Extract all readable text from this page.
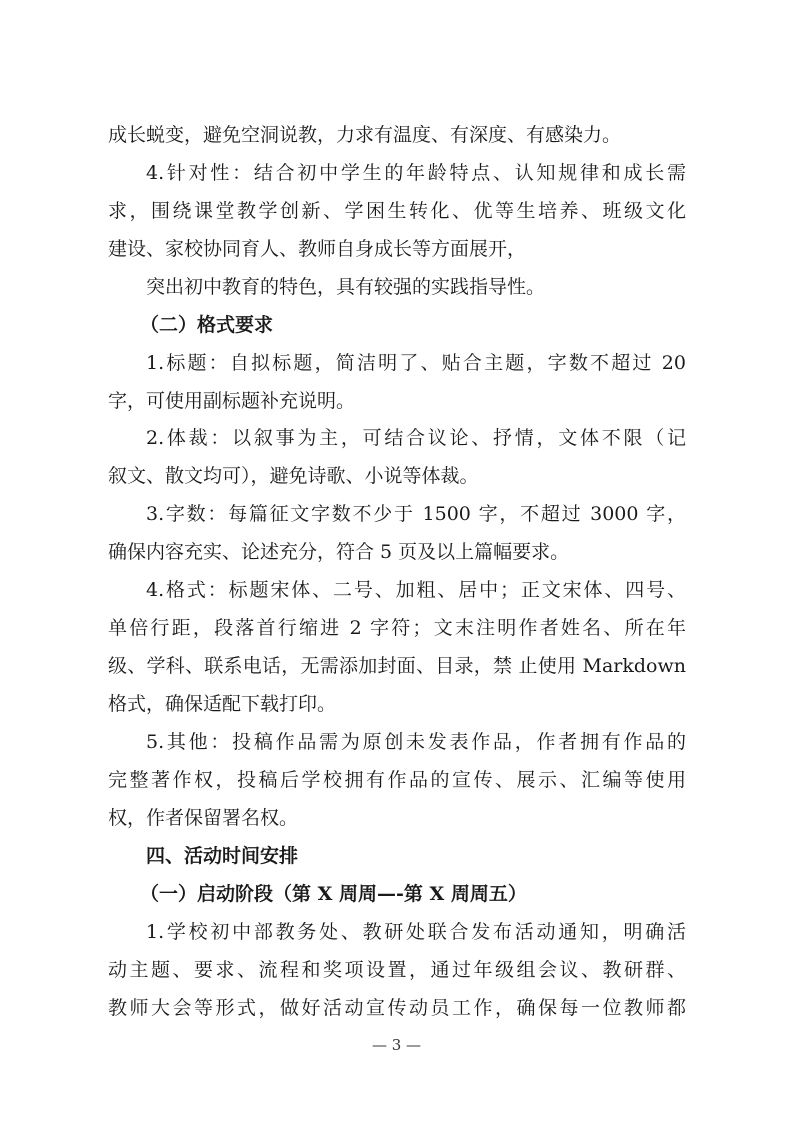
成长蜕变，避免空洞说教，力求有温度、有深度、有感染力。
4.针对性：结合初中学生的年龄特点、认知规律和成长需
求，围绕课堂教学创新、学困生转化、优等生培养、班级文化
建设、家校协同育人、教师自身成长等方面展开，
突出初中教育的特色，具有较强的实践指导性。
（二）格式要求
1.标题：自拟标题，简洁明了、贴合主题，字数不超过 20
字，可使用副标题补充说明。
2.体裁：以叙事为主，可结合议论、抒情，文体不限（记
叙文、散文均可），避免诗歌、小说等体裁。
3.字数：每篇征文字数不少于 1500 字，不超过 3000 字，
确保内容充实、论述充分，符合 5 页及以上篇幅要求。
4.格式：标题宋体、二号、加粗、居中；正文宋体、四号、
单倍行距，段落首行缩进 2 字符；文末注明作者姓名、所在年
级、学科、联系电话，无需添加封面、目录，禁 止使用 Markdown
格式，确保适配下载打印。
5.其他：投稿作品需为原创未发表作品，作者拥有作品的
完整著作权，投稿后学校拥有作品的宣传、展示、汇编等使用
权，作者保留署名权。
四、活动时间安排
（一）启动阶段（第 X 周周—-第 X 周周五）
1.学校初中部教务处、教研处联合发布活动通知，明确活
动主题、要求、流程和奖项设置，通过年级组会议、教研群、
教师大会等形式，做好活动宣传动员工作，确保每一位教师都
— 3 —
